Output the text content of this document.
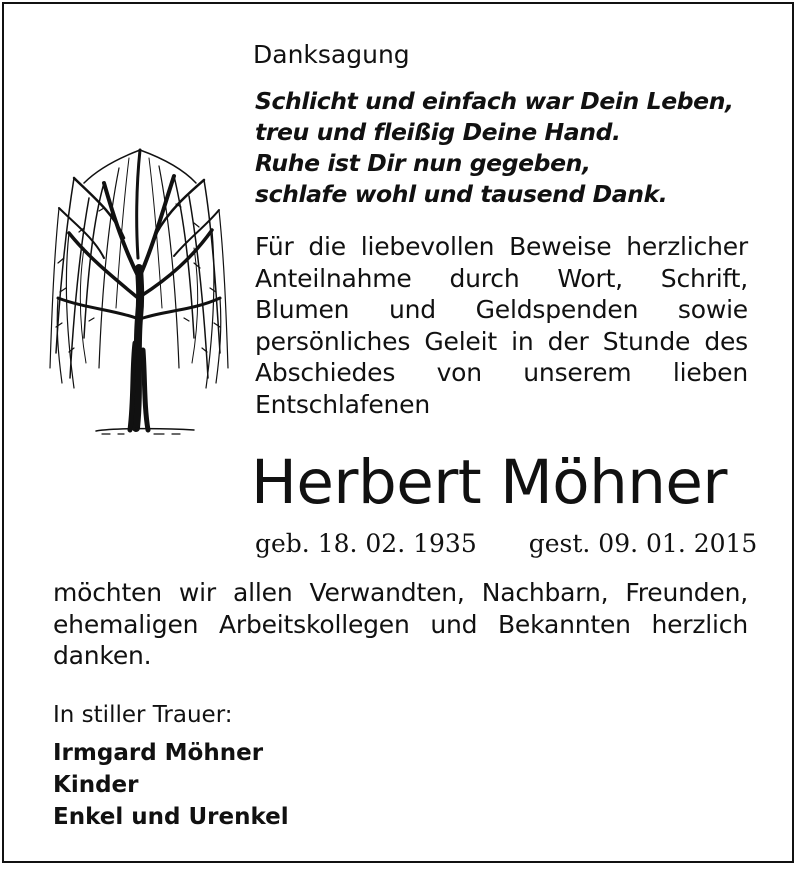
Danksagung
Schlicht und einfach war Dein Leben,
treu und fleißig Deine Hand.
Ruhe ist Dir nun gegeben,
schlafe wohl und tausend Dank.

Für die liebevollen Beweise herzlicher Anteilnahme durch Wort, Schrift, Blumen und Geldspenden sowie persönliches Geleit in der Stunde des Abschiedes von unserem lieben Entschlafenen

Herbert Möhner
geb. 18. 02. 1935 gest. 09. 01. 2015

möchten wir allen Verwandten, Nachbarn, Freunden, ehemaligen Arbeitskollegen und Bekannten herzlich danken.

In stiller Trauer:
Irmgard Möhner
Kinder
Enkel und Urenkel
